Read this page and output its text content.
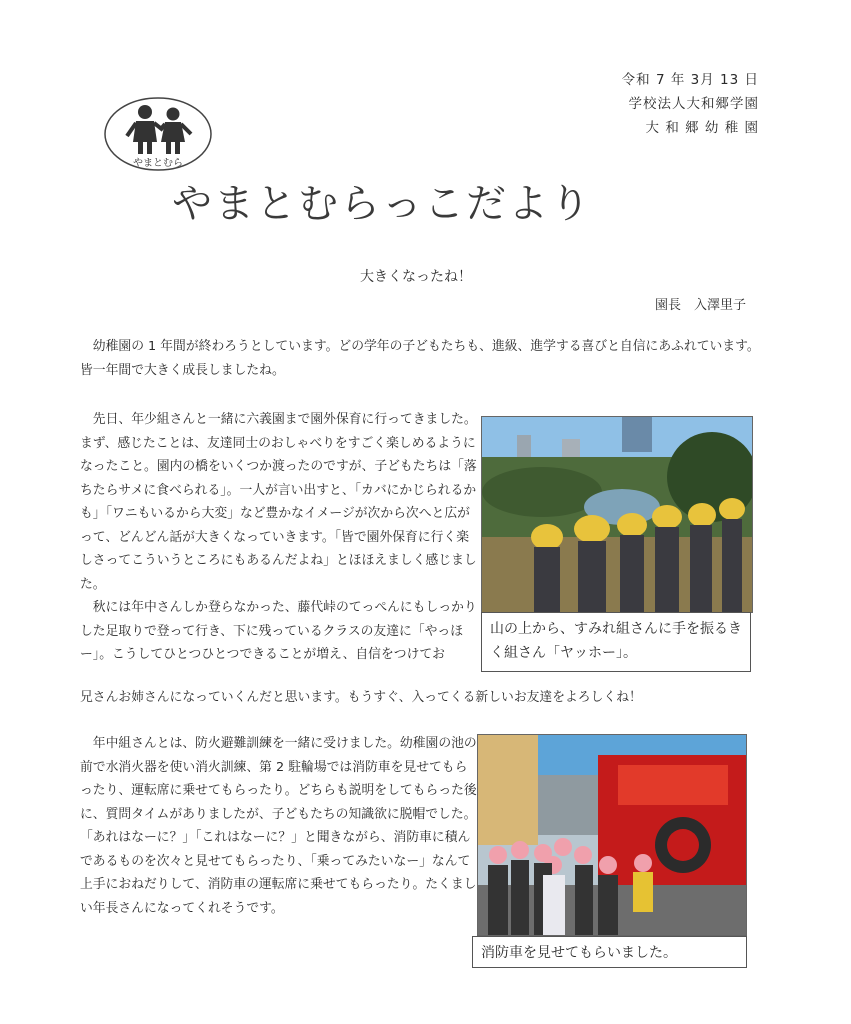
令和 7 年 3月 13 日
学校法人大和郷学園
大 和 郷 幼 稚 園
やまとむら
やまとむらっこだより
大きくなったね！
園長　入澤里子

幼稚園の 1 年間が終わろうとしています。どの学年の子どもたちも、進級、進学する喜びと自信にあふれています。皆一年間で大きく成長しましたね。

先日、年少組さんと一緒に六義園まで園外保育に行ってきました。まず、感じたことは、友達同士のおしゃべりをすごく楽しめるようになったこと。園内の橋をいくつか渡ったのですが、子どもたちは「落ちたらサメに食べられる」。一人が言い出すと、「カバにかじられるかも」「ワニもいるから大変」など豊かなイメージが次から次へと広がって、どんどん話が大きくなっていきます。「皆で園外保育に行く楽しさってこういうところにもあるんだよね」とほほえましく感じました。

秋には年中さんしか登らなかった、藤代峠のてっぺんにもしっかりした足取りで登って行き、下に残っているクラスの友達に「やっほー」。こうしてひとつひとつできることが増え、自信をつけてお

兄さんお姉さんになっていくんだと思います。もうすぐ、入ってくる新しいお友達をよろしくね！
山の上から、すみれ組さんに手を振るきく組さん「ヤッホー」。

年中組さんとは、防火避難訓練を一緒に受けました。幼稚園の池の前で水消火器を使い消火訓練、第 2 駐輪場では消防車を見せてもらったり、運転席に乗せてもらったり。どちらも説明をしてもらった後に、質問タイムがありましたが、子どもたちの知識欲に脱帽でした。「あれはなーに？」「これはなーに？」と聞きながら、消防車に積んであるものを次々と見せてもらったり、「乗ってみたいなー」なんて上手におねだりして、消防車の運転席に乗せてもらったり。たくましい年長さんになってくれそうです。

消防車を見せてもらいました。
